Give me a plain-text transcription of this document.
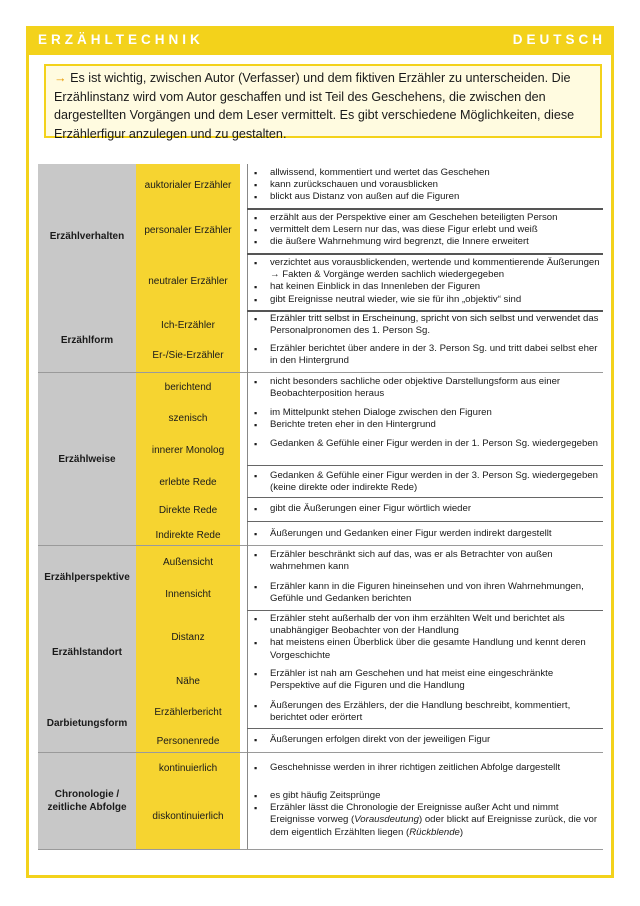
ERZÄHLTECHNIK	DEUTSCH
→ Es ist wichtig, zwischen Autor (Verfasser) und dem fiktiven Erzähler zu unterscheiden. Die Erzählinstanz wird vom Autor geschaffen und ist Teil des Geschehens, die zwischen den dargestellten Vorgängen und dem Leser vermittelt. Es gibt verschiedene Möglichkeiten, diese Erzählerfigur anzulegen und zu gestalten.
Erzählverhalten
Erzählform
Erzählweise
Erzählperspektive
Erzählstandort
Darbietungsform
Chronologie /
zeitliche Abfolge
auktorialer Erzähler
personaler Erzähler
neutraler Erzähler
Ich-Erzähler
Er-/Sie-Erzähler
berichtend
szenisch
innerer Monolog
erlebte Rede
Direkte Rede
Indirekte Rede
Außensicht
Innensicht
Distanz
Nähe
Erzählerbericht
Personenrede
kontinuierlich
diskontinuierlich
▪ allwissend, kommentiert und wertet das Geschehen
▪ kann zurückschauen und vorausblicken
▪ blickt aus Distanz von außen auf die Figuren
▪ erzählt aus der Perspektive einer am Geschehen beteiligten Person
▪ vermittelt dem Lesern nur das, was diese Figur erlebt und weiß
▪ die äußere Wahrnehmung wird begrenzt, die Innere erweitert
▪ verzichtet aus vorausblickenden, wertende und kommentierende Äußerungen → Fakten & Vorgänge werden sachlich wiedergegeben
▪ hat keinen Einblick in das Innenleben der Figuren
▪ gibt Ereignisse neutral wieder, wie sie für ihn „objektiv“ sind
▪ Erzähler tritt selbst in Erscheinung, spricht von sich selbst und verwendet das Personalpronomen des 1. Person Sg.
▪ Erzähler berichtet über andere in der 3. Person Sg. und tritt dabei selbst eher in den Hintergrund
▪ nicht besonders sachliche oder objektive Darstellungsform aus einer Beobachterposition heraus
▪ im Mittelpunkt stehen Dialoge zwischen den Figuren
▪ Berichte treten eher in den Hintergrund
▪ Gedanken & Gefühle einer Figur werden in der 1. Person Sg. wiedergegeben
▪ Gedanken & Gefühle einer Figur werden in der 3. Person Sg. wiedergegeben (keine direkte oder indirekte Rede)
▪ gibt die Äußerungen einer Figur wörtlich wieder
▪ Äußerungen und Gedanken einer Figur werden indirekt dargestellt
▪ Erzähler beschränkt sich auf das, was er als Betrachter von außen wahrnehmen kann
▪ Erzähler kann in die Figuren hineinsehen und von ihren Wahrnehmungen, Gefühle und Gedanken berichten
▪ Erzähler steht außerhalb der von ihm erzählten Welt und berichtet als unabhängiger Beobachter von der Handlung
▪ hat meistens einen Überblick über die gesamte Handlung und kennt deren Vorgeschichte
▪ Erzähler ist nah am Geschehen und hat meist eine eingeschränkte Perspektive auf die Figuren und die Handlung
▪ Äußerungen des Erzählers, der die Handlung beschreibt, kommentiert, berichtet oder erörtert
▪ Äußerungen erfolgen direkt von der jeweiligen Figur
▪ Geschehnisse werden in ihrer richtigen zeitlichen Abfolge dargestellt
▪ es gibt häufig Zeitsprünge
▪ Erzähler lässt die Chronologie der Ereignisse außer Acht und nimmt Ereignisse vorweg (Vorausdeutung) oder blickt auf Ereignisse zurück, die vor dem eigentlich Erzählten liegen (Rückblende)
